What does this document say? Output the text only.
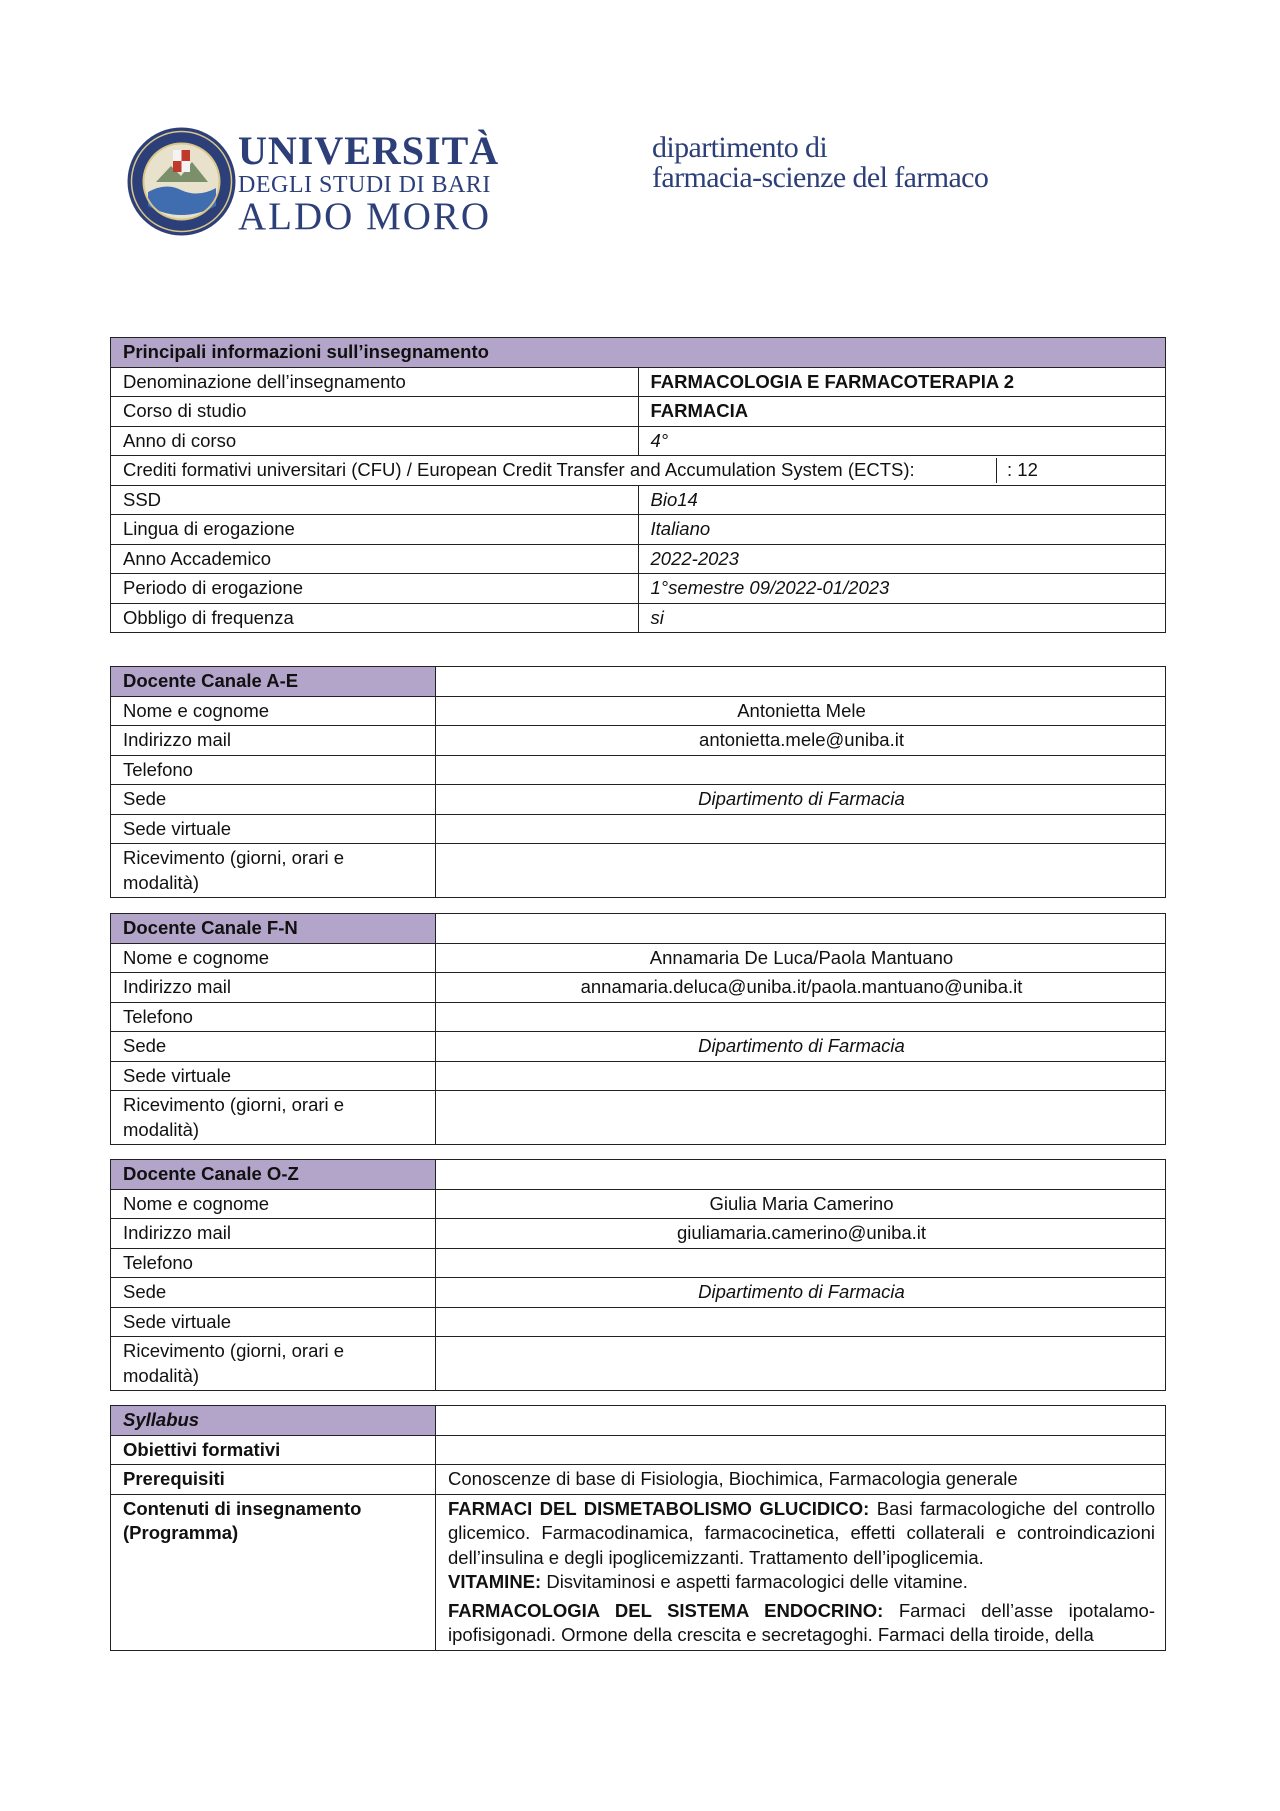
UNIVERSITÀ
DEGLI STUDI DI BARI
ALDO MORO
dipartimento di
farmacia-scienze del farmaco
Principali informazioni sull’insegnamento	
Denominazione dell’insegnamento	FARMACOLOGIA E FARMACOTERAPIA 2
Corso di studio	FARMACIA
Anno di corso	4°

Crediti formativi universitari (CFU) / European Credit Transfer and Accumulation System (ECTS): : 12	

SSD	Bio14
Lingua di erogazione	Italiano
Anno Accademico	2022-2023
Periodo di erogazione	1°semestre 09/2022-01/2023
Obbligo di frequenza	si
Docente Canale A-E	
Nome e cognome	Antonietta Mele
Indirizzo mail	antonietta.mele@uniba.it
Telefono	
Sede	Dipartimento di Farmacia
Sede virtuale	
Ricevimento (giorni, orari e modalità)	
Docente Canale F-N	
Nome e cognome	Annamaria De Luca/Paola Mantuano
Indirizzo mail	annamaria.deluca@uniba.it/paola.mantuano@uniba.it
Telefono	
Sede	Dipartimento di Farmacia
Sede virtuale	
Ricevimento (giorni, orari e modalità)	
Docente Canale O-Z	
Nome e cognome	Giulia Maria Camerino
Indirizzo mail	giuliamaria.camerino@uniba.it
Telefono	
Sede	Dipartimento di Farmacia
Sede virtuale	
Ricevimento (giorni, orari e modalità)	
Syllabus	
Obiettivi formativi	
Prerequisiti	Conoscenze di base di Fisiologia, Biochimica, Farmacologia generale
Contenuti di insegnamento (Programma)	FARMACI DEL DISMETABOLISMO GLUCIDICO: Basi farmacologiche del controllo glicemico. Farmacodinamica, farmacocinetica, effetti collaterali e controindicazioni dell’insulina e degli ipoglicemizzanti. Trattamento dell’ipoglicemia.

VITAMINE: Disvitaminosi e aspetti farmacologici delle vitamine.

FARMACOLOGIA DEL SISTEMA ENDOCRINO: Farmaci dell’asse ipotalamo-ipofisigonadi. Ormone della crescita e secretagoghi. Farmaci della tiroide, della
